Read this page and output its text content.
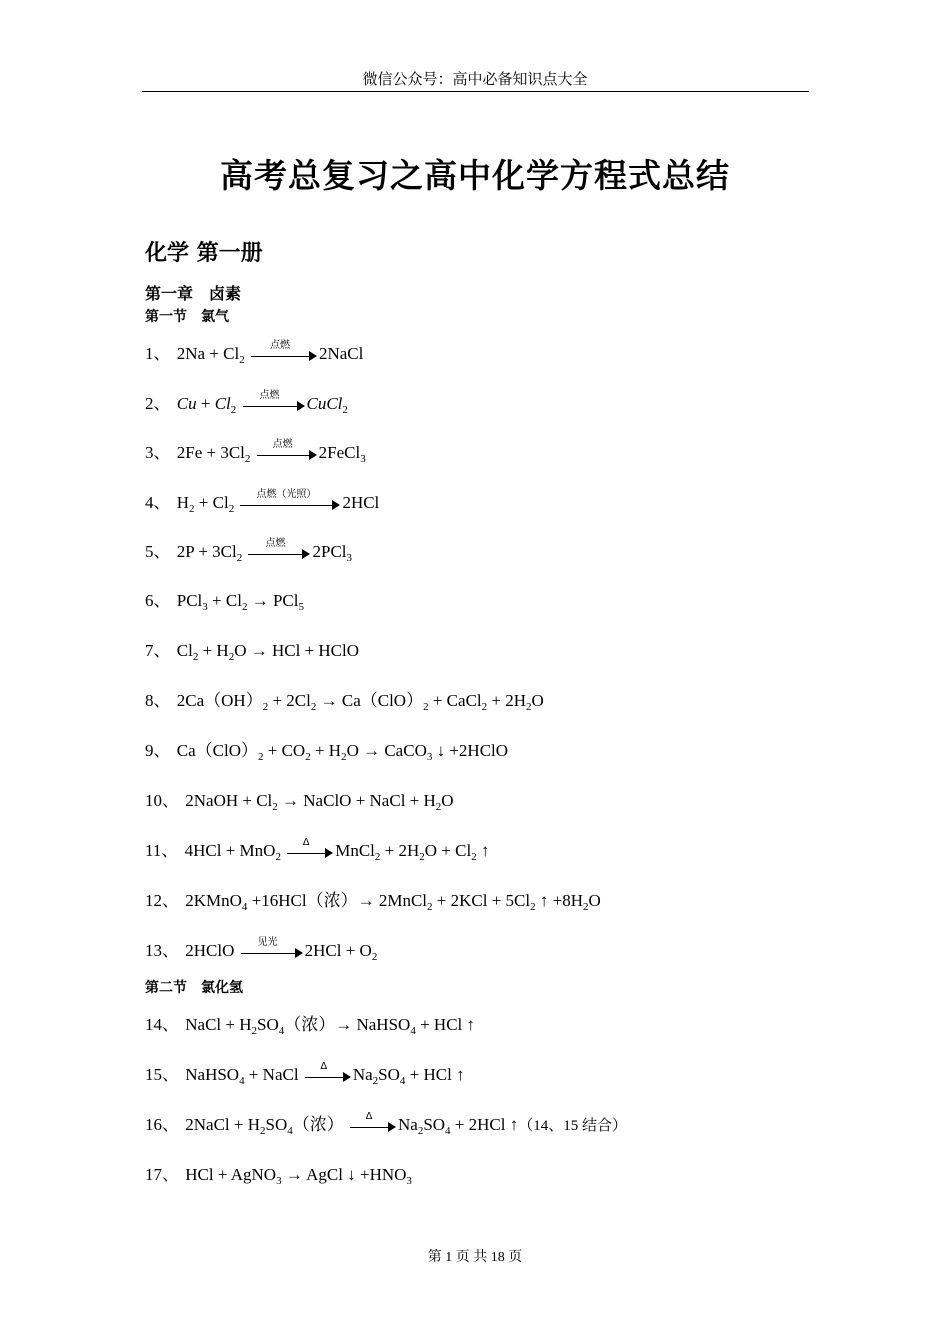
微信公众号：高中必备知识点大全
高考总复习之高中化学方程式总结
化学 第一册
第一章　卤素
第一节　氯气
1、 $2Na + Cl_2$
点燃	2NaCl
2、 $Cu + Cl_2$
点燃	CuCl$_2$
3、 $2Fe + 3Cl_2$
点燃	2FeCl$_3$
4、 $H_2 + Cl_2$
点燃（光照）	2HCl
5、 $2P + 3Cl_2$
点燃	2PCl$_3$
6、 $PCl_3 + Cl_2 \to PCl_5$
7、 $Cl_2 + H_2O$ → HCl + HClO
8、 $2Ca(OH)_2 + 2Cl_2 \to Ca(ClO)_2$ + CaCl$_2$ + $2H_2O$
9、 $Ca(ClO)_2 + CO_2 + H_2O$ → CaCO$_3$ ↓ +2HClO
10、 2NaOH + $Cl_2$ → NaClO + NaCl + $H_2O$
11、 4HCl + MnO$_2$
Δ	MnCl$_2$ + $2H_2O + Cl_2$ ↑
12、 2KMnO$_4$ +16HCl（浓）→ 2MnCl$_2$ + $2KCl + 5Cl_2$ ↑ $+8H_2O$
13、 2HClO	见光	$2HCl + O_2$
第二节　氯化氢
14、 NaCl + $H_2SO_4$（浓）→ NaHSO$_4$ + HCl ↑
15、 NaHSO$_4$ + NaCl	Δ	$Na_2SO_4$ + HCl ↑
16、 2NaCl + $H_2SO_4$（浓）	Δ	$Na_2SO_4 + 2HCl$ ↑（14、15 结合）
17、 HCl + AgNO$_3$ → AgCl ↓ $+HNO_3$
第 1 页 共 18 页
